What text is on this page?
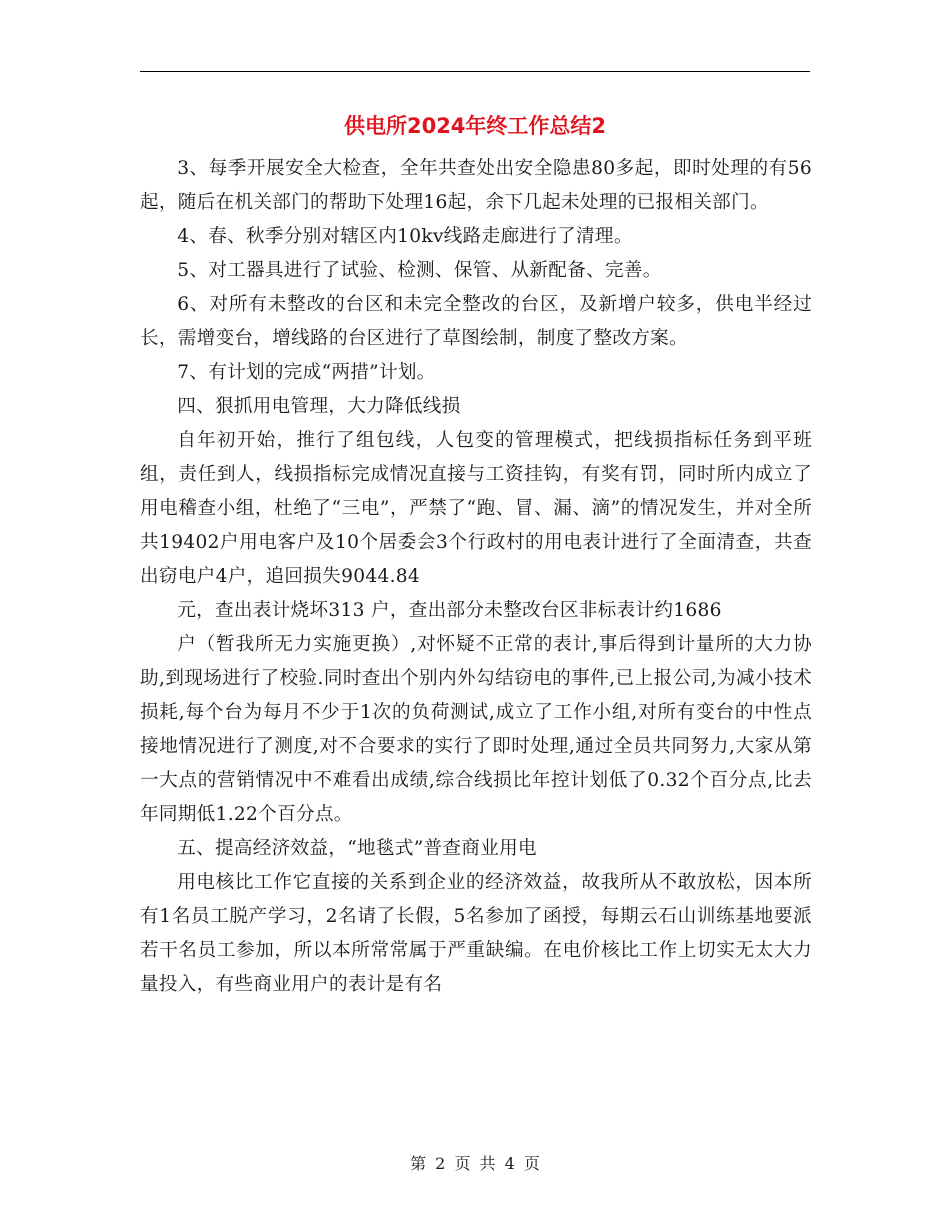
供电所2024年终工作总结2

3、每季开展安全大检查，全年共查处出安全隐患80多起，即时处理的有56起，随后在机关部门的帮助下处理16起，余下几起未处理的已报相关部门。

4、春、秋季分别对辖区内10kv线路走廊进行了清理。

5、对工器具进行了试验、检测、保管、从新配备、完善。

6、对所有未整改的台区和未完全整改的台区，及新增户较多，供电半经过长，需增变台，增线路的台区进行了草图绘制，制度了整改方案。

7、有计划的完成“两措”计划。

四、狠抓用电管理，大力降低线损

自年初开始，推行了组包线，人包变的管理模式，把线损指标任务到平班组，责任到人，线损指标完成情况直接与工资挂钩，有奖有罚，同时所内成立了用电稽查小组，杜绝了“三电”，严禁了“跑、冒、漏、滴”的情况发生，并对全所共19402户用电客户及10个居委会3个行政村的用电表计进行了全面清查，共查出窃电户4户，追回损失9044.84

元，查出表计烧坏313 户，查出部分未整改台区非标表计约1686

户（暂我所无力实施更换）,对怀疑不正常的表计,事后得到计量所的大力协助,到现场进行了校验.同时查出个别内外勾结窃电的事件,已上报公司,为减小技术损耗,每个台为每月不少于1次的负荷测试,成立了工作小组,对所有变台的中性点接地情况进行了测度,对不合要求的实行了即时处理,通过全员共同努力,大家从第一大点的营销情况中不难看出成绩,综合线损比年控计划低了0.32个百分点,比去年同期低1.22个百分点。

五、提高经济效益，“地毯式”普查商业用电

用电核比工作它直接的关系到企业的经济效益，故我所从不敢放松，因本所有1名员工脱产学习，2名请了长假，5名参加了函授，每期云石山训练基地要派若干名员工参加，所以本所常常属于严重缺编。在电价核比工作上切实无太大力量投入，有些商业用户的表计是有名

第 2 页 共 4 页
